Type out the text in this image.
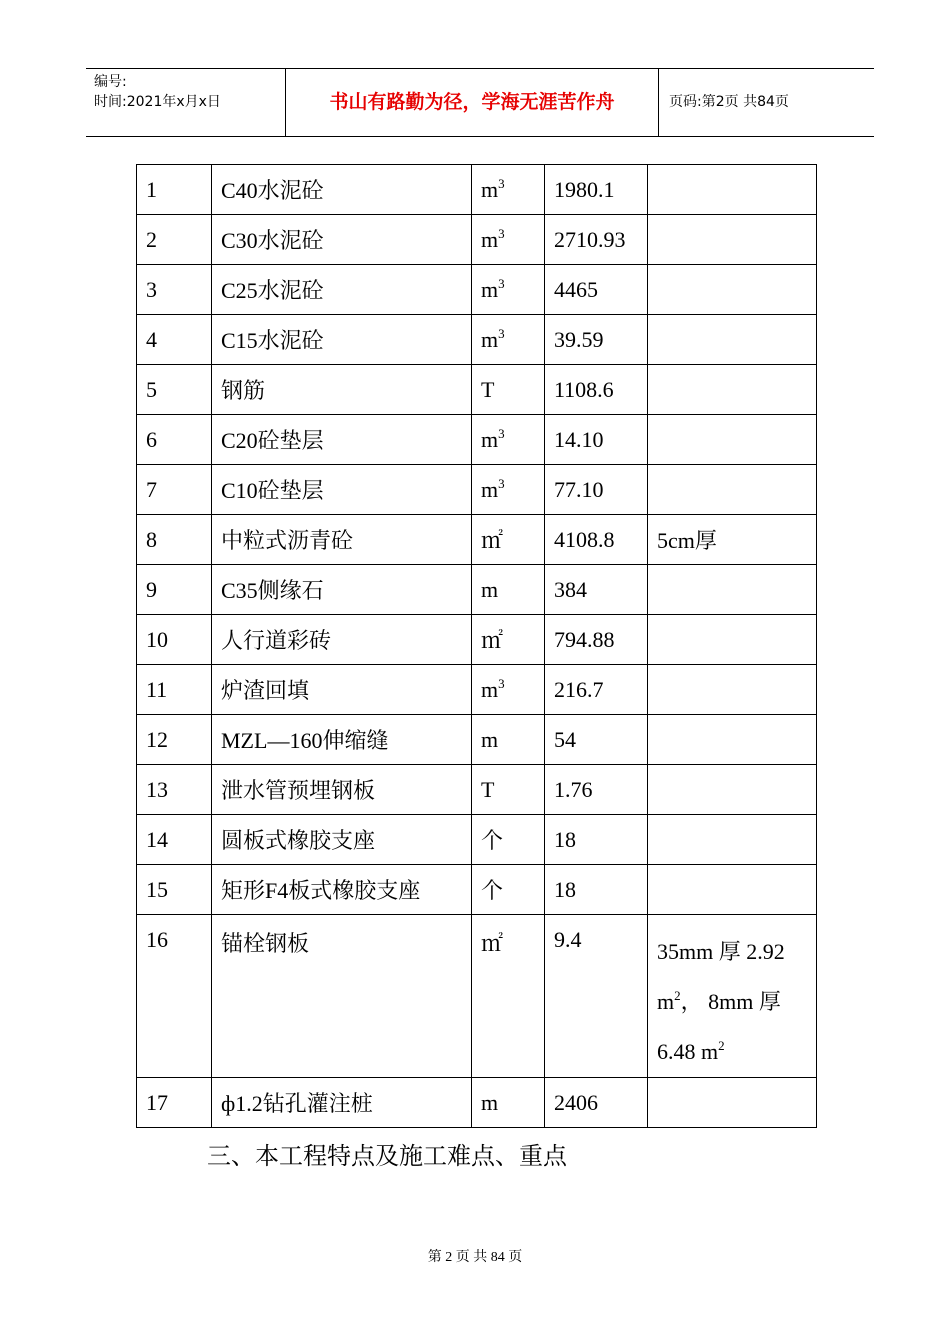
编号:
时间:2021年x月x日	书山有路勤为径，学海无涯苦作舟	页码:第2页 共84页
1	C40水泥砼	$m^3$	1980.1	
2	C30水泥砼	$m^3$	2710.93	
3	C25水泥砼	$m^3$	4465	
4	C15水泥砼	$m^3$	39.59	
5	钢筋	T	1108.6	
6	C20砼垫层	$m^3$	14.10	
7	C10砼垫层	$m^3$	77.10	
8	中粒式沥青砼	㎡	4108.8	5cm厚
9	C35侧缘石	m	384	
10	人行道彩砖	㎡	794.88	
11	炉渣回填	$m^3$	216.7	
12	MZL—160伸缩缝	m	54	
13	泄水管预埋钢板	T	1.76	
14	圆板式橡胶支座	个	18	
15	矩形F4板式橡胶支座	个	18	
16	锚栓钢板	㎡	9.4	35mm 厚 2.92 $m^2$， 8mm 厚 6.48 $m^2$
17	ф1.2钻孔灌注桩	m	2406	
三、本工程特点及施工难点、重点
第 2 页 共 84 页
